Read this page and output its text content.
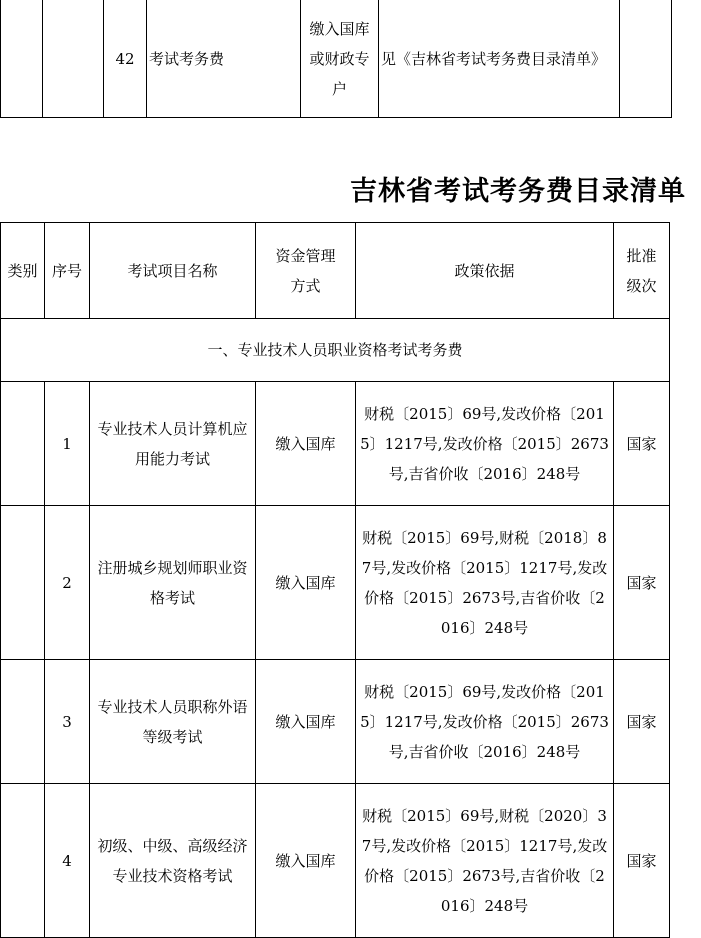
		42	考试考务费	缴入国库或财政专户	见《吉林省考试考务费目录清单》	
吉林省考试考务费目录清单
类别	序号	考试项目名称	资金管理方式	政策依据	批准级次
一、专业技术人员职业资格考试考务费					
	1	专业技术人员计算机应用能力考试	缴入国库	财税〔2015〕69号,发改价格〔2015〕1217号,发改价格〔2015〕2673号,吉省价收〔2016〕248号	国家
	2	注册城乡规划师职业资格考试	缴入国库	财税〔2015〕69号,财税〔2018〕87号,发改价格〔2015〕1217号,发改价格〔2015〕2673号,吉省价收〔2016〕248号	国家
	3	专业技术人员职称外语等级考试	缴入国库	财税〔2015〕69号,发改价格〔2015〕1217号,发改价格〔2015〕2673号,吉省价收〔2016〕248号	国家
	4	初级、中级、高级经济专业技术资格考试	缴入国库	财税〔2015〕69号,财税〔2020〕37号,发改价格〔2015〕1217号,发改价格〔2015〕2673号,吉省价收〔2016〕248号	国家
